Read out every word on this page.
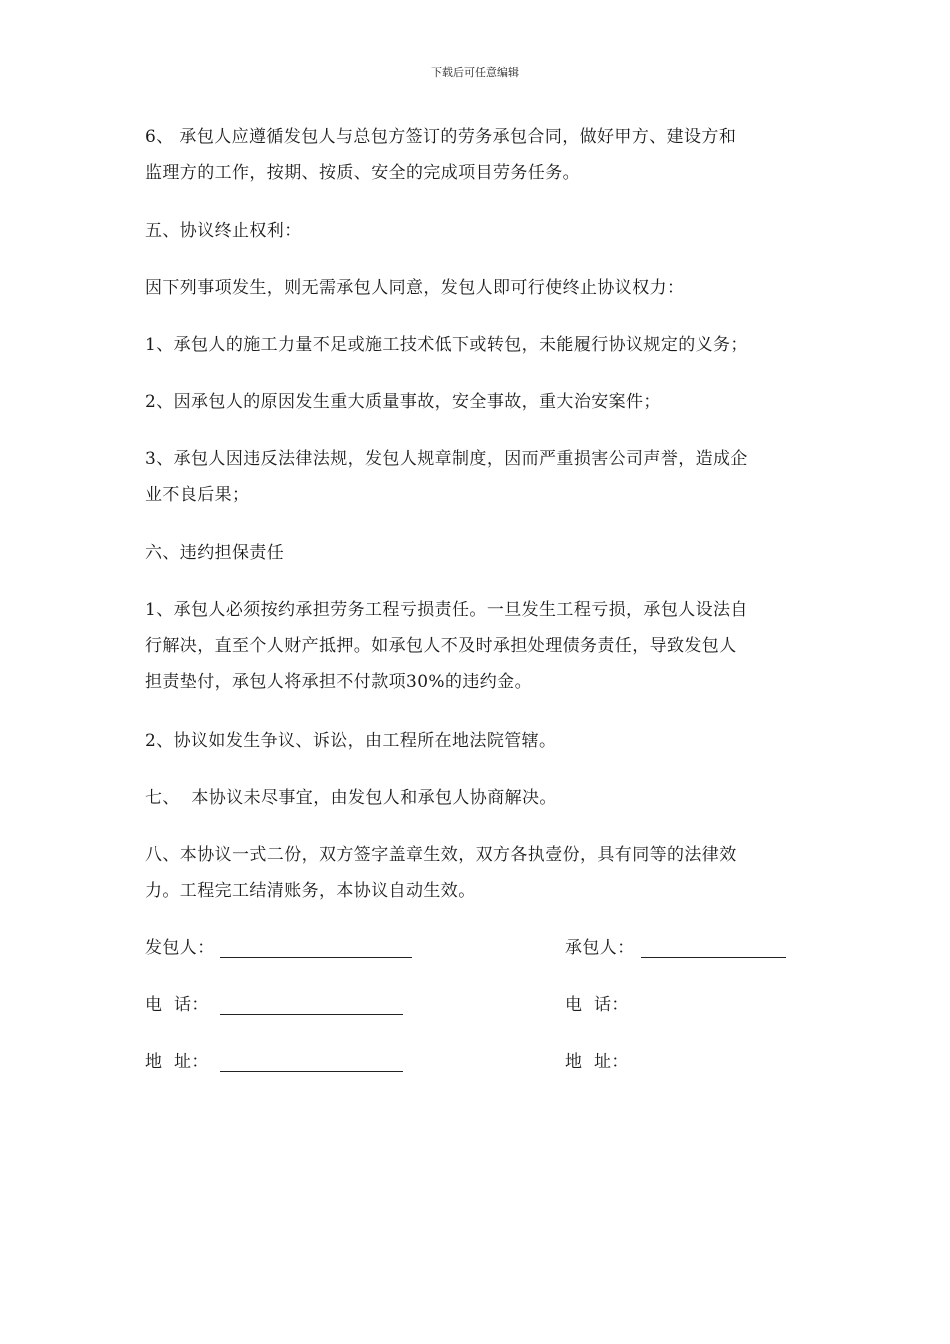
下载后可任意编辑
6、 承包人应遵循发包人与总包方签订的劳务承包合同，做好甲方、建设方和
监理方的工作，按期、按质、安全的完成项目劳务任务。
五、协议终止权利：
因下列事项发生，则无需承包人同意，发包人即可行使终止协议权力：
1、承包人的施工力量不足或施工技术低下或转包，未能履行协议规定的义务；
2、因承包人的原因发生重大质量事故，安全事故，重大治安案件；
3、承包人因违反法律法规，发包人规章制度，因而严重损害公司声誉，造成企
业不良后果；
六、违约担保责任
1、承包人必须按约承担劳务工程亏损责任。一旦发生工程亏损，承包人设法自
行解决，直至个人财产抵押。如承包人不及时承担处理债务责任，导致发包人
担责垫付，承包人将承担不付款项30%的违约金。
2、协议如发生争议、诉讼，由工程所在地法院管辖。
七、  本协议未尽事宜，由发包人和承包人协商解决。
八、本协议一式二份，双方签字盖章生效，双方各执壹份，具有同等的法律效
力。工程完工结清账务，本协议自动生效。
发包人：
电  话：
地  址：
承包人：
电  话：
地  址：
